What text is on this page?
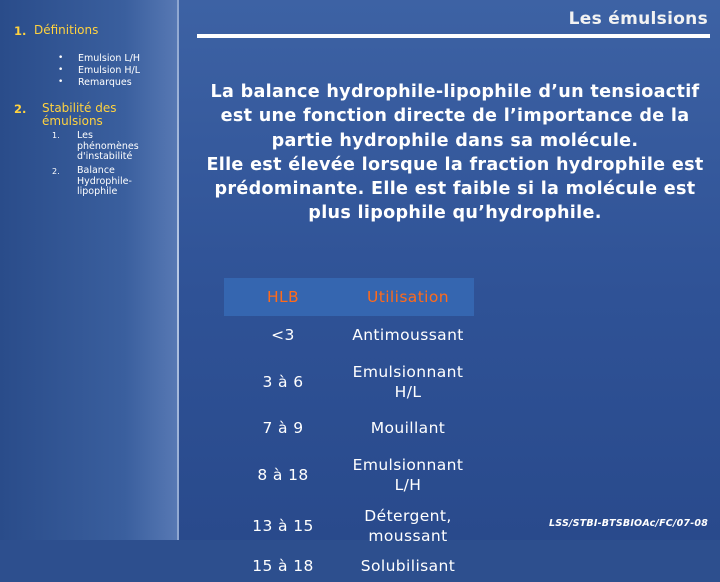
1. Définitions
• Emulsion L/H
• Emulsion H/L
• Remarques
2. Stabilité des
émulsions
1. Les
phénomènes
d'instabilité
2. Balance
Hydrophile-
lipophile
Les émulsions

La balance hydrophile-lipophile d’un tensioactif est une fonction directe de l’importance de la partie hydrophile dans sa molécule.

Elle est élevée lorsque la fraction hydrophile est prédominante. Elle est faible si la molécule est plus lipophile qu’hydrophile.

HLB	Utilisation
<3	Antimoussant
3 à 6	Emulsionnant
H/L

7 à 9	Mouillant
8 à 18	Emulsionnant
L/H

13 à 15	Détergent,
moussant

15 à 18	Solubilisant
LSS/STBI-BTSBIOAc/FC/07-08
